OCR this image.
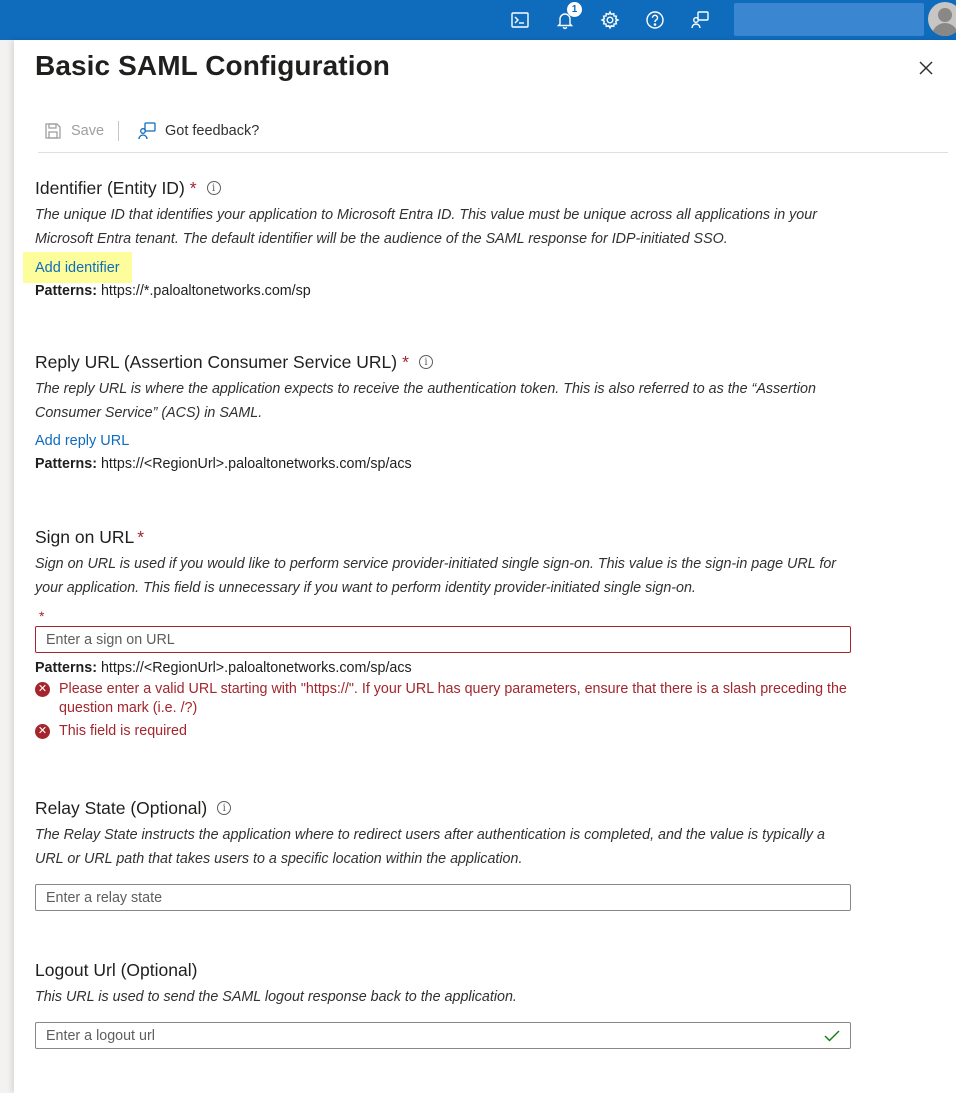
1
Basic SAML Configuration
Save	Got feedback?
Identifier (Entity ID) *	i
The unique ID that identifies your application to Microsoft Entra ID. This value must be unique across all applications in your Microsoft Entra tenant. The default identifier will be the audience of the SAML response for IDP-initiated SSO.
Add identifier
Patterns: https://*.paloaltonetworks.com/sp
Reply URL (Assertion Consumer Service URL) *	i
The reply URL is where the application expects to receive the authentication token. This is also referred to as the “Assertion Consumer Service” (ACS) in SAML.
Add reply URL
Patterns: https://<RegionUrl>.paloaltonetworks.com/sp/acs
Sign on URL *
Sign on URL is used if you would like to perform service provider-initiated single sign-on. This value is the sign-in page URL for your application. This field is unnecessary if you want to perform identity provider-initiated single sign-on.
*
Enter a sign on URL
Patterns: https://<RegionUrl>.paloaltonetworks.com/sp/acs
✕ Please enter a valid URL starting with "https://". If your URL has query parameters, ensure that there is a slash preceding the question mark (i.e. /?)
✕ This field is required
Relay State (Optional)	i
The Relay State instructs the application where to redirect users after authentication is completed, and the value is typically a URL or URL path that takes users to a specific location within the application.
Enter a relay state
Logout Url (Optional)
This URL is used to send the SAML logout response back to the application.
Enter a logout url
